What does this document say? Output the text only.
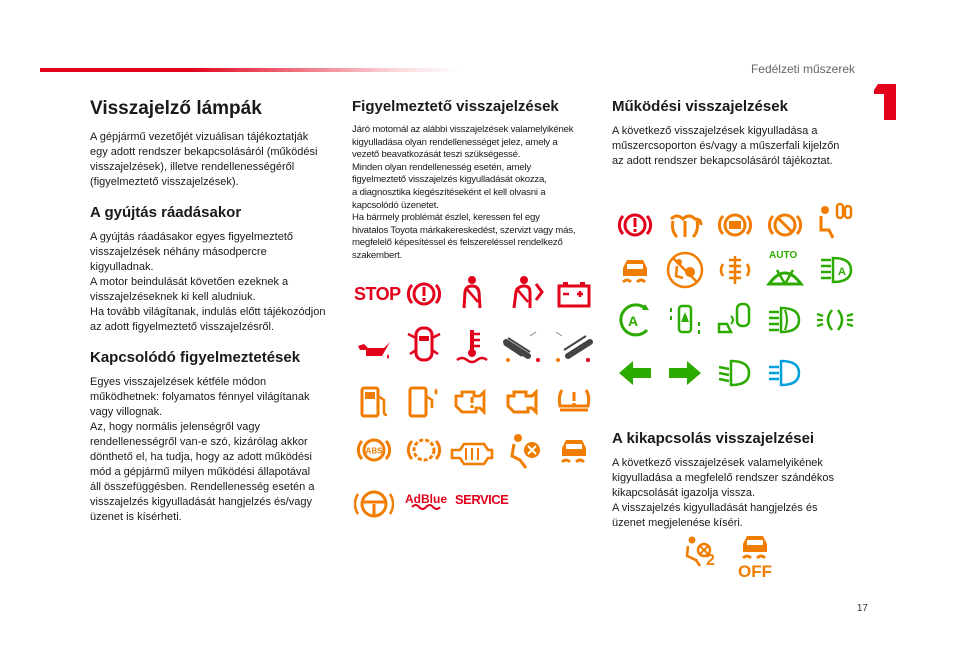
Fedélzeti műszerek
17
Visszajelző lámpák

A gépjármű vezetőjét vizuálisan tájékoztatják
egy adott rendszer bekapcsolásáról (működési
visszajelzések), illetve rendellenességéről
(figyelmeztető visszajelzések).

A gyújtás ráadásakor

A gyújtás ráadásakor egyes figyelmeztető
visszajelzések néhány másodpercre
kigyulladnak.
A motor beindulását követően ezeknek a
visszajelzéseknek ki kell aludniuk.
Ha tovább világítanak, indulás előtt tájékozódjon
az adott figyelmeztető visszajelzésről.

Kapcsolódó figyelmeztetések

Egyes visszajelzések kétféle módon
működhetnek: folyamatos fénnyel világítanak
vagy villognak.
Az, hogy normális jelenségről vagy
rendellenességről van-e szó, kizárólag akkor
dönthető el, ha tudja, hogy az adott működési
mód a gépjármű milyen működési állapotával
áll összefüggésben. Rendellenesség esetén a
visszajelzés kigyulladását hangjelzés és/vagy
üzenet is kísérheti.

Figyelmeztető visszajelzések

Járó motornál az alábbi visszajelzések valamelyikének
kigyulladása olyan rendellenességet jelez, amely a
vezető beavatkozását teszi szükségessé.
Minden olyan rendellenesség esetén, amely
figyelmeztető visszajelzés kigyulladását okozza,
a diagnosztika kiegészítéseként el kell olvasni a
kapcsolódó üzenetet.
Ha bármely problémát észlel, keressen fel egy
hivatalos Toyota márkakereskedést, szervizt vagy más,
megfelelő képesítéssel és felszereléssel rendelkező
szakembert.

Működési visszajelzések

A következő visszajelzések kigyulladása a
műszercsoporton és/vagy a műszerfali kijelzőn
az adott rendszer bekapcsolásáról tájékoztat.

A kikapcsolás visszajelzései

A következő visszajelzések valamelyikének
kigyulladása a megfelelő rendszer szándékos
kikapcsolását igazolja vissza.
A visszajelzés kigyulladását hangjelzés és
üzenet megjelenése kíséri.

STOP
ABS
AdBlue SERVICE
AUTO
A
A
2
OFF
